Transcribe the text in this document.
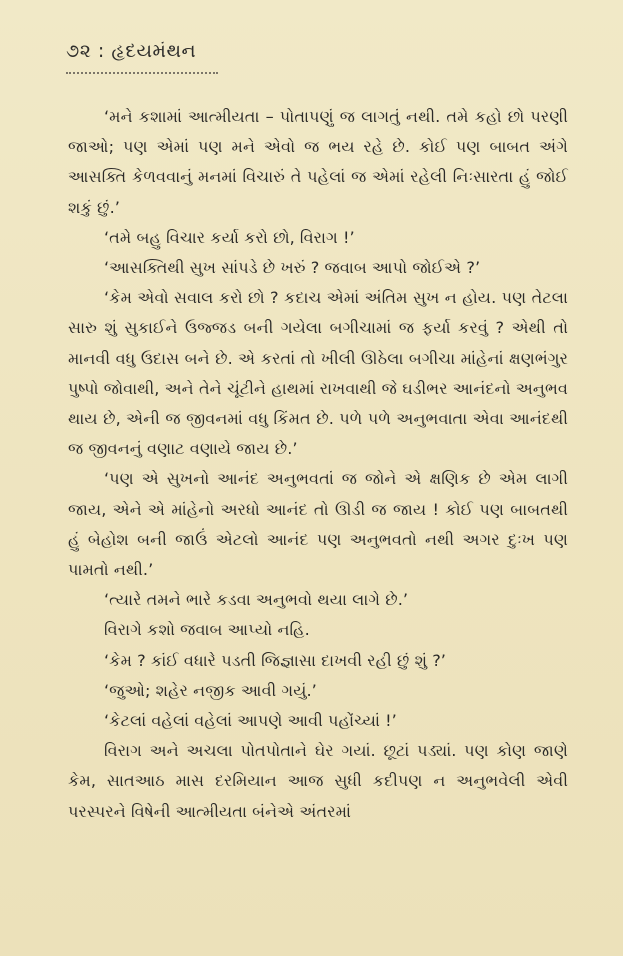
૭૨ : હૃદયમંથન

‘મને કશામાં આત્મીયતા – પોતાપણું જ લાગતું નથી. તમે કહો છો પરણી જાઓ; પણ એમાં પણ મને એવો જ ભય રહે છે. કોઈ પણ બાબત અંગે આસક્તિ કેળવવાનું મનમાં વિચારું તે પહેલાં જ એમાં રહેલી નિઃસારતા હું જોઈ શકું છું.’

‘તમે બહુ વિચાર કર્યા કરો છો, વિરાગ !’

‘આસક્તિથી સુખ સાંપડે છે ખરું ? જવાબ આપો જોઈએ ?’

‘કેમ એવો સવાલ કરો છો ? કદાચ એમાં અંતિમ સુખ ન હોય. પણ તેટલા સારુ શું સુકાઈને ઉજ્જડ બની ગયેલા બગીચામાં જ ફર્યા કરવું ? એથી તો માનવી વધુ ઉદાસ બને છે. એ કરતાં તો ખીલી ઊઠેલા બગીચા માંહેનાં ક્ષણભંગુર પુષ્પો જોવાથી, અને તેને ચૂંટીને હાથમાં રાખવાથી જે ઘડીભર આનંદનો અનુભવ થાય છે, એની જ જીવનમાં વધુ કિંમત છે. પળે પળે અનુભવાતા એવા આનંદથી જ જીવનનું વણાટ વણાયે જાય છે.’

‘પણ એ સુખનો આનંદ અનુભવતાં જ જોને એ ક્ષણિક છે એમ લાગી જાય, એને એ માંહેનો અરધો આનંદ તો ઊડી જ જાય ! કોઈ પણ બાબતથી હું બેહોશ બની જાઉં એટલો આનંદ પણ અનુભવતો નથી અગર દુઃખ પણ પામતો નથી.’

‘ત્યારે તમને ભારે કડવા અનુભવો થયા લાગે છે.’

વિરાગે કશો જવાબ આપ્યો નહિ.

‘કેમ ? કાંઈ વધારે પડતી જિજ્ઞાસા દાખવી રહી છું શું ?’

‘જુઓ; શહેર નજીક આવી ગયું.’

‘કેટલાં વહેલાં વહેલાં આપણે આવી પહોંચ્યાં !’

વિરાગ અને અચલા પોતપોતાને ઘેર ગયાં. છૂટાં પડ્યાં. પણ કોણ જાણે કેમ, સાતઆઠ માસ દરમિયાન આજ સુધી કદીપણ ન અનુભવેલી એવી પરસ્પરને વિષેની આત્મીયતા બંનેએ અંતરમાં
